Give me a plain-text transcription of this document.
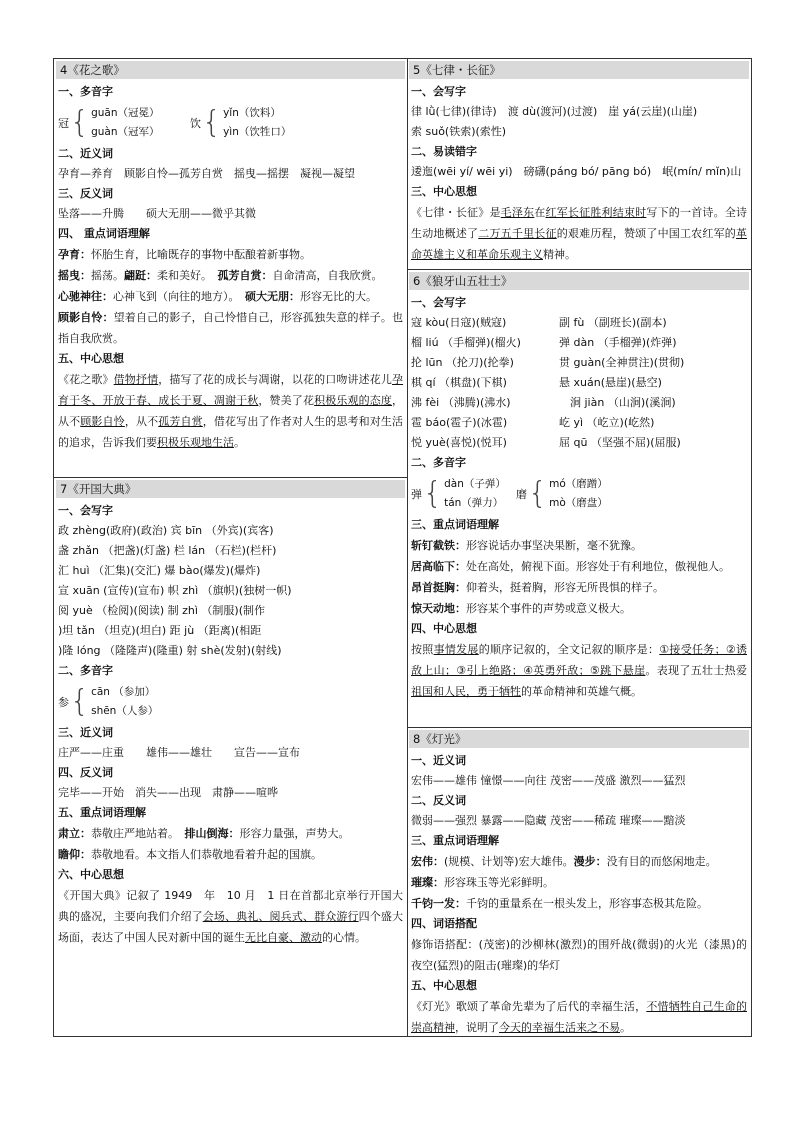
4《花之歌》
一、多音字
冠 { guān（冠冕）
guàn（冠军）
饮 { yǐn（饮料）
yìn（饮牲口）
二、近义词
孕育—养育　顾影自怜—孤芳自赏　摇曳—摇摆　凝视—凝望
三、反义词
坠落——升腾　　硕大无朋——微乎其微
四、 重点词语理解
孕育：怀胎生育，比喻既存的事物中酝酿着新事物。
摇曳：摇荡。翩跹：柔和美好。　 孤芳自赏：自命清高，自我欣赏。
心驰神往：心神飞到（向往的地方）。　 硕大无朋：形容无比的大。
顾影自怜：望着自己的影子，自己怜惜自己，形容孤独失意的样子。也指自我欣赏。
五、中心思想
《花之歌》借物抒情，描写了花的成长与凋谢，以花的口吻讲述花儿孕育于冬、开放于春、成长于夏、凋谢于秋，赞美了花积极乐观的态度，从不顾影自怜，从不孤芳自赏，借花写出了作者对人生的思考和对生活的追求，告诉我们要积极乐观地生活。
7《开国大典》
一、会写字
政 zhèng(政府)(政治) 宾 bīn （外宾)(宾客)
盏 zhǎn （把盏)(灯盏) 栏 lán （石栏)(栏杆)
汇 huì （汇集)(交汇) 爆 bào(爆发)(爆炸)
宣 xuān (宣传)(宣布) 帜 zhì （旗帜)(独树一帜)
阅 yuè （检阅)(阅读) 制 zhì （制服)(制作
)坦 tǎn （坦克)(坦白) 距 jù （距离)(相距
)隆 lóng （隆隆声)(隆重) 射 shè(发射)(射线)
二、多音字
参 { cān （参加）
shēn（人参）
三、近义词
庄严——庄重　　雄伟——雄壮　　宣告——宣布
四、反义词
完毕——开始　消失——出现　肃静——喧哗
五、重点词语理解
肃立：恭敬庄严地站着。　 排山倒海：形容力量强，声势大。
瞻仰：恭敬地看。本文指人们恭敬地看着升起的国旗。
六、中心思想
《开国大典》记叙了 1949　年　10 月　1 日在首都北京举行开国大典的盛况，主要向我们介绍了会场、典礼、阅兵式、群众游行四个盛大场面，表达了中国人民对新中国的诞生无比自豪、激动的心情。
5《七律・长征》
一、会写字
律 lǜ(七律)(律诗)　渡 dù(渡河)(过渡)　崖 yá(云崖)(山崖)
索 suǒ(铁索)(索性)
二、易读错字
逶迤(wēi yí/ wēi yi)　磅礴(páng bó/ pāng bó)　岷(mín/ mǐn)山
三、中心思想
《七律・长征》是毛泽东在红军长征胜利结束时写下的一首诗。全诗生动地概述了二万五千里长征的艰难历程，赞颂了中国工农红军的革命英雄主义和革命乐观主义精神。
6《狼牙山五壮士》
一、会写字
寇 kòu(日寇)(贼寇)	副 fù （副班长)(副本)
榴 liú （手榴弹)(榴火)	弹 dàn （手榴弹)(炸弹)
抡 lūn （抡刀)(抡拳)	贯 guàn(全神贯注)(贯彻)
棋 qí （棋盘)(下棋)	悬 xuán(悬崖)(悬空)
沸 fèi （沸腾)(沸水)	　涧 jiàn （山涧)(溪涧)
雹 báo(雹子)(冰雹)	屹 yì （屹立)(屹然)
悦 yuè(喜悦)(悦耳)	屈 qū （坚强不屈)(屈服)
二、多音字
弹 { dàn（子弹）
tán（弹力）
磨 { mó（磨蹭）
mò（磨盘）
三、重点词语理解
斩钉截铁：形容说话办事坚决果断，毫不犹豫。
居高临下：处在高处，俯视下面。形容处于有利地位，傲视他人。
昂首挺胸：仰着头，挺着胸，形容无所畏惧的样子。
惊天动地：形容某个事件的声势或意义极大。
四、中心思想
按照事情发展的顺序记叙的，全文记叙的顺序是：①接受任务；②诱敌上山；③引上绝路；④英勇歼敌；⑤跳下悬崖。表现了五壮士热爱祖国和人民，勇于牺牲的革命精神和英雄气概。
8《灯光》
一、近义词
宏伟——雄伟 憧憬——向往 茂密——茂盛 激烈——猛烈
二、反义词
微弱——强烈 暴露——隐藏 茂密——稀疏 璀璨——黯淡
三、重点词语理解
宏伟：(规模、计划等)宏大雄伟。漫步：没有目的而悠闲地走。
璀璨：形容珠玉等光彩鲜明。
千钧一发：千钧的重量系在一根头发上，形容事态极其危险。
四、词语搭配
修饰语搭配：(茂密)的沙柳林(激烈)的围歼战(微弱)的火光（漆黑)的夜空(猛烈)的阻击(璀璨)的华灯
五、中心思想
《灯光》歌颂了革命先辈为了后代的幸福生活，不惜牺牲自己生命的崇高精神，说明了今天的幸福生活来之不易。
